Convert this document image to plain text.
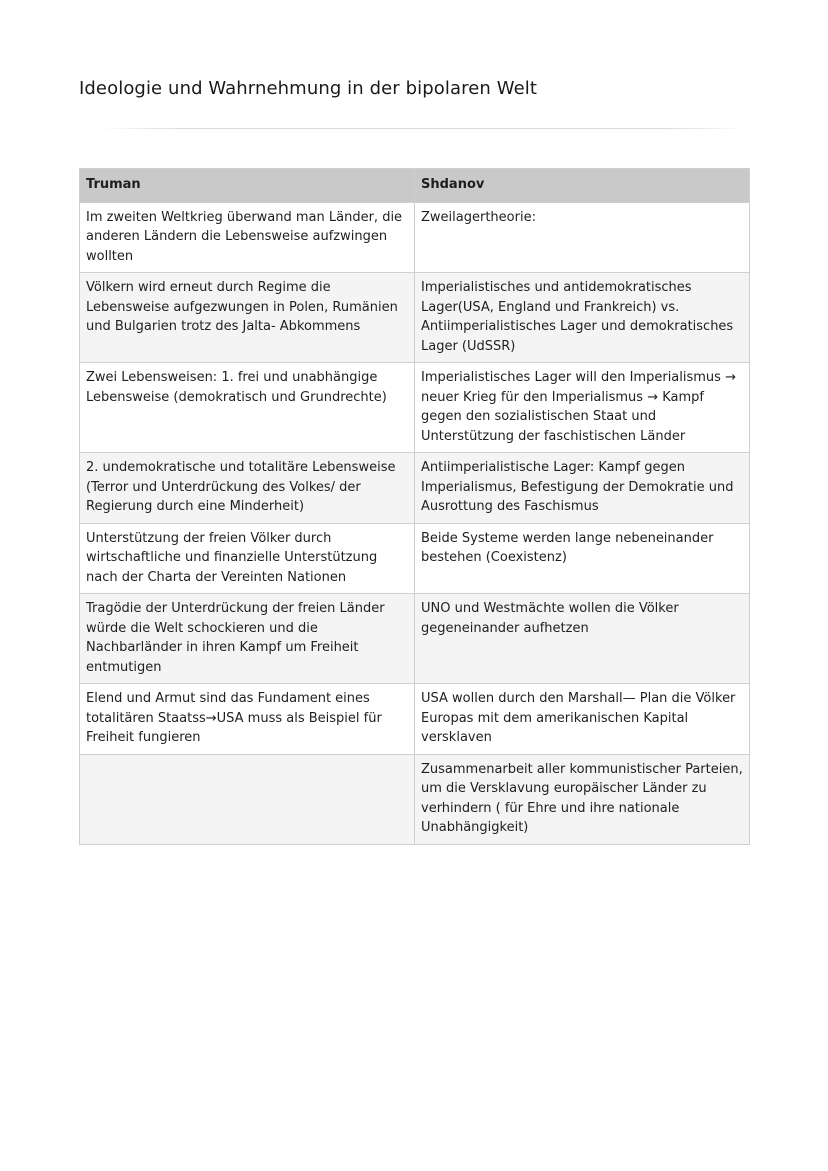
Ideologie und Wahrnehmung in der bipolaren Welt
Truman	Shdanov
Im zweiten Weltkrieg überwand man Länder, die anderen Ländern die Lebensweise aufzwingen wollten	Zweilagertheorie:
Völkern wird erneut durch Regime die Lebensweise aufgezwungen in Polen, Rumänien und Bulgarien trotz des Jalta- Abkommens	Imperialistisches und antidemokratisches Lager(USA, England und Frankreich) vs. Antiimperialistisches Lager und demokratisches Lager (UdSSR)
Zwei Lebensweisen: 1. frei und unabhängige Lebensweise (demokratisch und Grundrechte)	Imperialistisches Lager will den Imperialismus → neuer Krieg für den Imperialismus → Kampf gegen den sozialistischen Staat und Unterstützung der faschistischen Länder
2. undemokratische und totalitäre Lebensweise (Terror und Unterdrückung des Volkes/ der Regierung durch eine Minderheit)	Antiimperialistische Lager: Kampf gegen Imperialismus, Befestigung der Demokratie und Ausrottung des Faschismus
Unterstützung der freien Völker durch wirtschaftliche und finanzielle Unterstützung nach der Charta der Vereinten Nationen	Beide Systeme werden lange nebeneinander bestehen (Coexistenz)
Tragödie der Unterdrückung der freien Länder würde die Welt schockieren und die Nachbarländer in ihren Kampf um Freiheit entmutigen	UNO und Westmächte wollen die Völker gegeneinander aufhetzen
Elend und Armut sind das Fundament eines totalitären Staatss→USA muss als Beispiel für Freiheit fungieren	USA wollen durch den Marshall— Plan die Völker Europas mit dem amerikanischen Kapital versklaven
	Zusammenarbeit aller kommunistischer Parteien, um die Versklavung europäischer Länder zu verhindern ( für Ehre und ihre nationale Unabhängigkeit)
